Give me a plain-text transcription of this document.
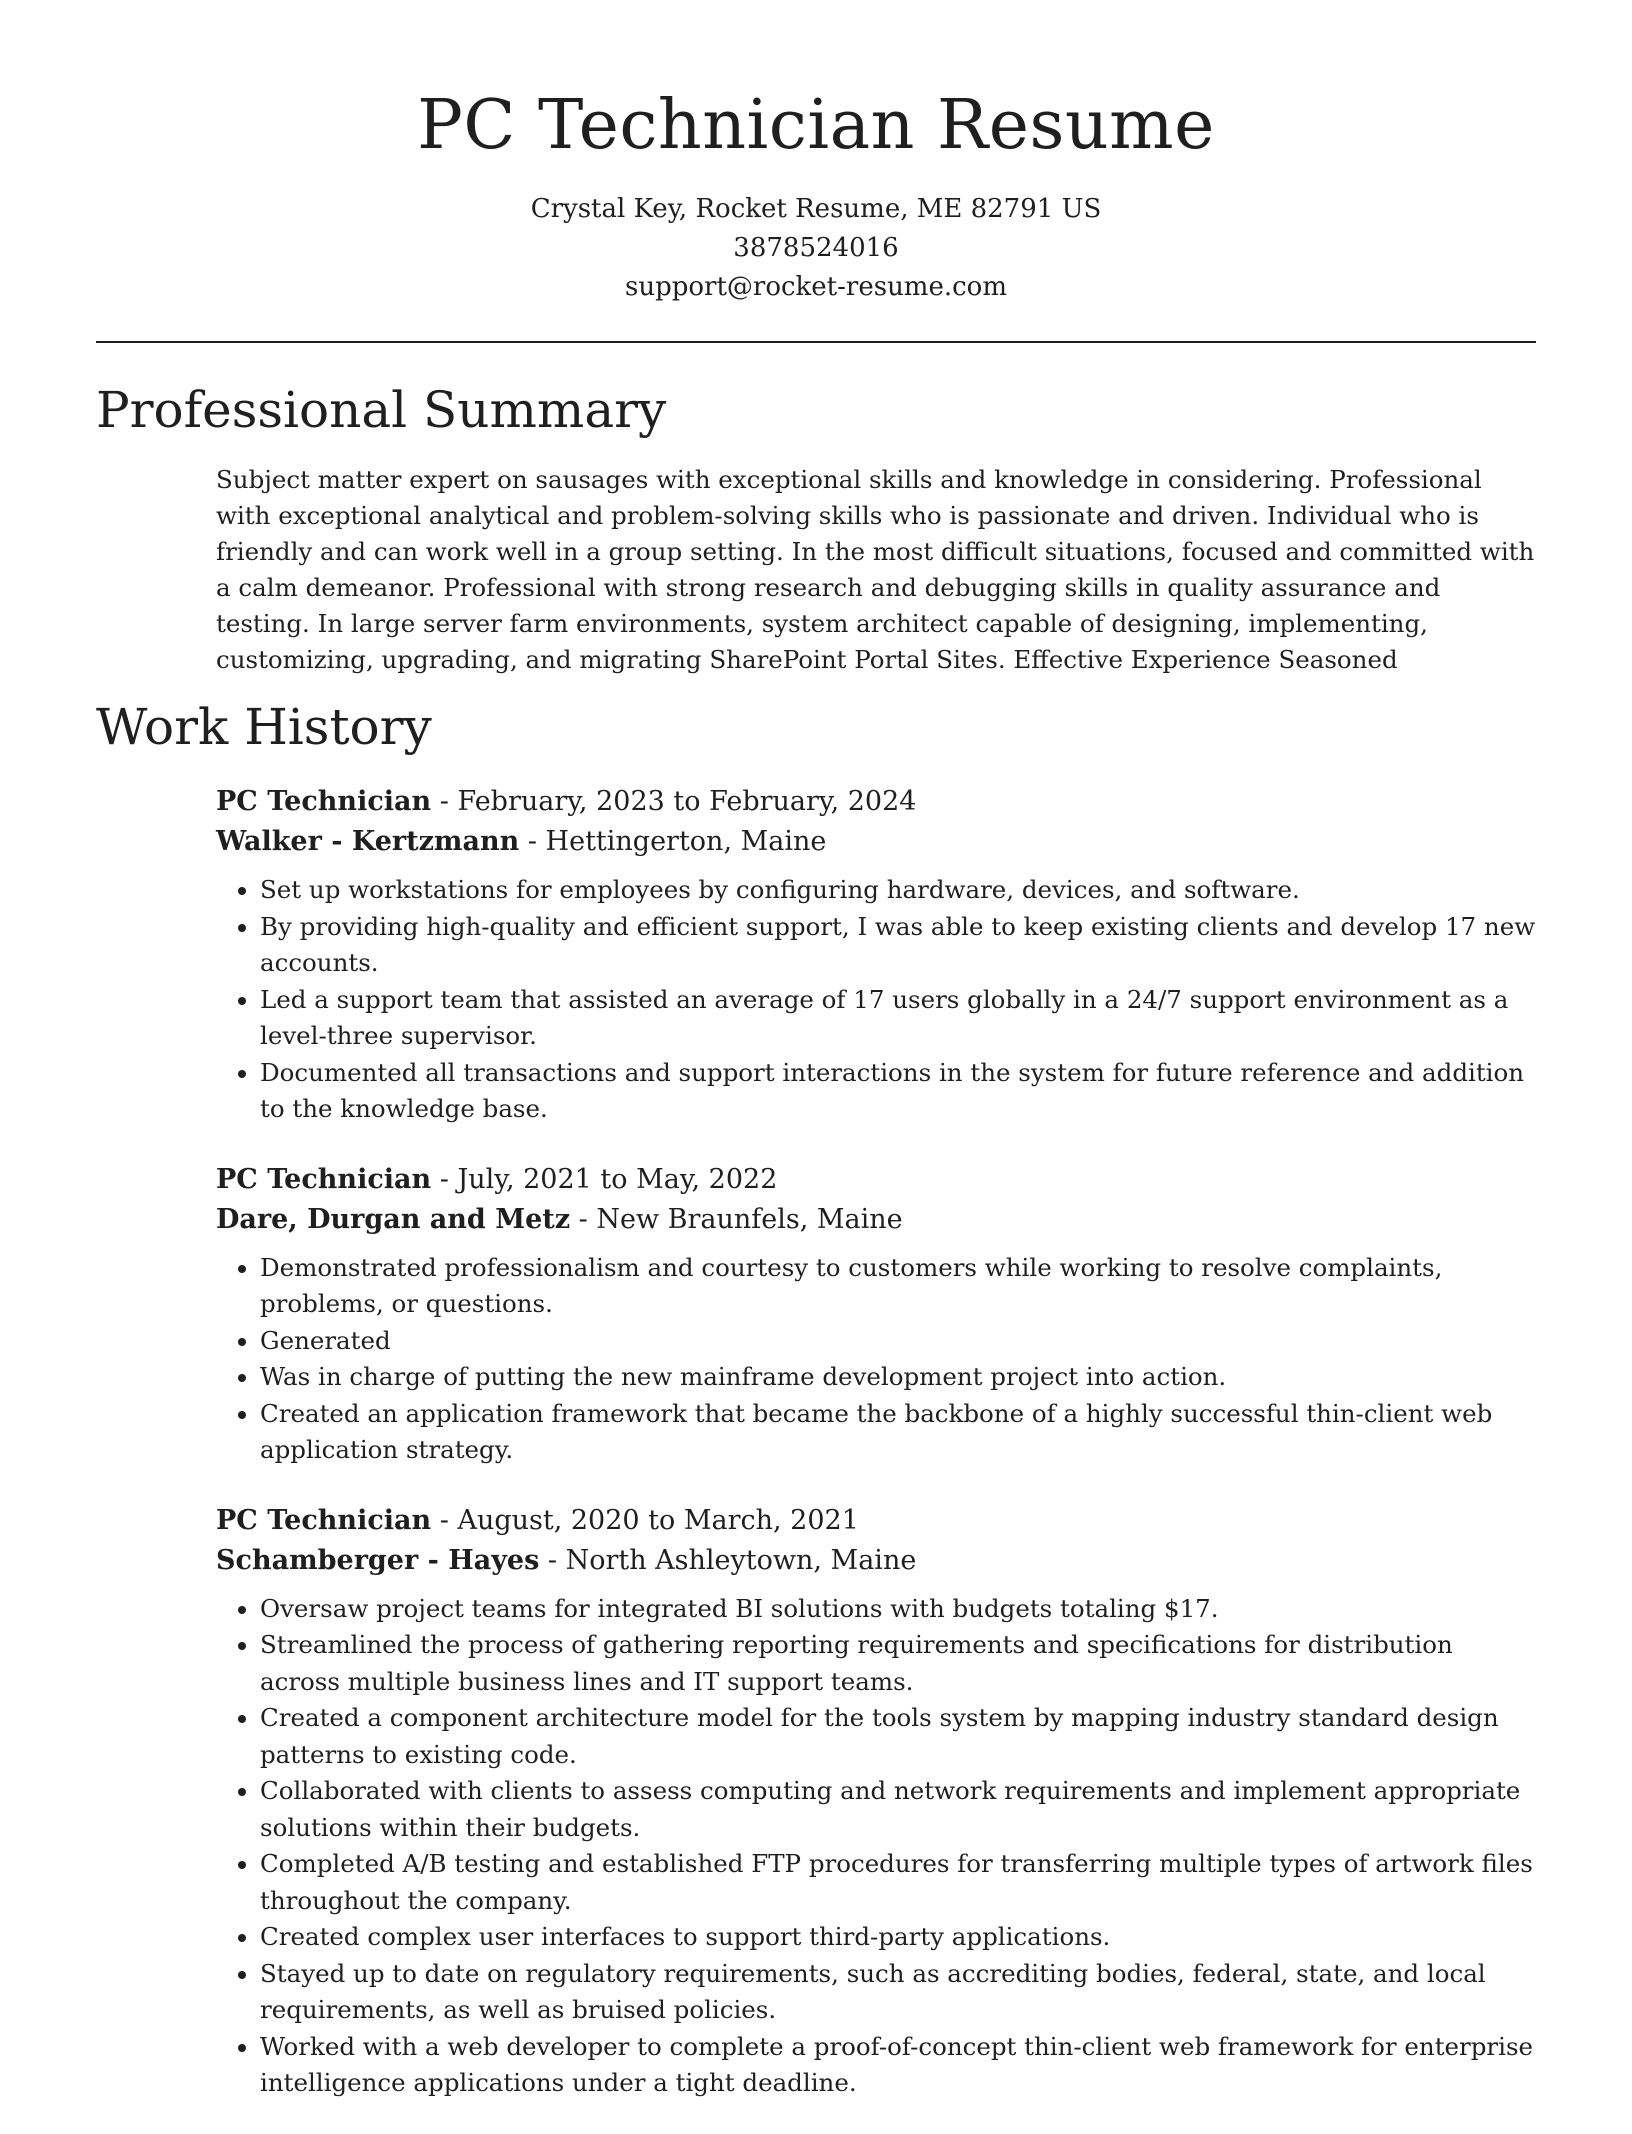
PC Technician Resume
Crystal Key, Rocket Resume, ME 82791 US
3878524016
support@rocket-resume.com
Professional Summary

Subject matter expert on sausages with exceptional skills and knowledge in considering. Professional with exceptional analytical and problem-solving skills who is passionate and driven. Individual who is friendly and can work well in a group setting. In the most difficult situations, focused and committed with a calm demeanor. Professional with strong research and debugging skills in quality assurance and testing. In large server farm environments, system architect capable of designing, implementing, customizing, upgrading, and migrating SharePoint Portal Sites. Effective Experience Seasoned

Work History
PC Technician - February, 2023 to February, 2024
Walker - Kertzmann - Hettingerton, Maine
• Set up workstations for employees by configuring hardware, devices, and software.
• By providing high-quality and efficient support, I was able to keep existing clients and develop 17 new accounts.
• Led a support team that assisted an average of 17 users globally in a 24/7 support environment as a level-three supervisor.
• Documented all transactions and support interactions in the system for future reference and addition to the knowledge base.
PC Technician - July, 2021 to May, 2022
Dare, Durgan and Metz - New Braunfels, Maine
• Demonstrated professionalism and courtesy to customers while working to resolve complaints, problems, or questions.
• Generated
• Was in charge of putting the new mainframe development project into action.
• Created an application framework that became the backbone of a highly successful thin-client web application strategy.
PC Technician - August, 2020 to March, 2021
Schamberger - Hayes - North Ashleytown, Maine
• Oversaw project teams for integrated BI solutions with budgets totaling $17.
• Streamlined the process of gathering reporting requirements and specifications for distribution across multiple business lines and IT support teams.
• Created a component architecture model for the tools system by mapping industry standard design patterns to existing code.
• Collaborated with clients to assess computing and network requirements and implement appropriate solutions within their budgets.
• Completed A/B testing and established FTP procedures for transferring multiple types of artwork files throughout the company.
• Created complex user interfaces to support third-party applications.
• Stayed up to date on regulatory requirements, such as accrediting bodies, federal, state, and local requirements, as well as bruised policies.
• Worked with a web developer to complete a proof-of-concept thin-client web framework for enterprise intelligence applications under a tight deadline.
